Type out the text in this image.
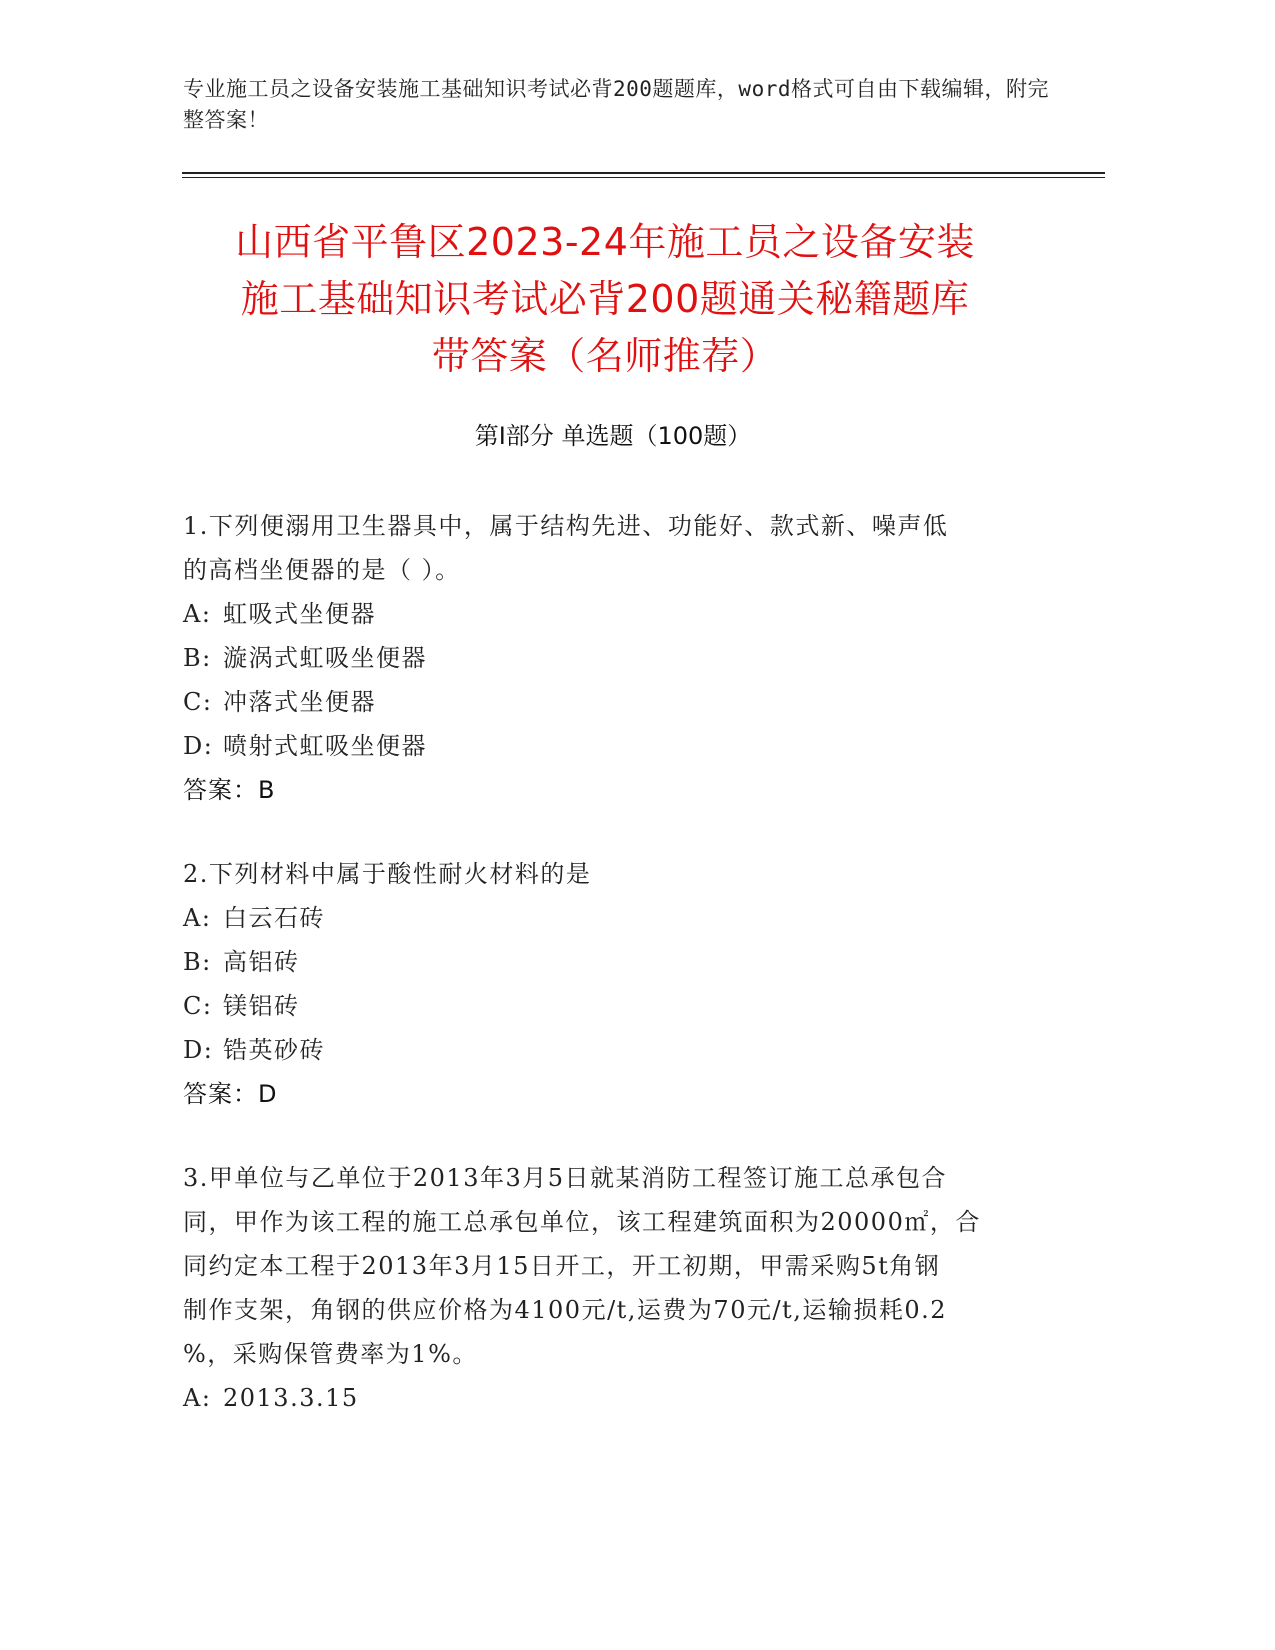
专业施工员之设备安装施工基础知识考试必背200题题库，word格式可自由下载编辑，附完整答案！
山西省平鲁区2023-24年施工员之设备安装
施工基础知识考试必背200题通关秘籍题库
带答案（名师推荐）
第I部分 单选题（100题）
1.下列便溺用卫生器具中，属于结构先进、功能好、款式新、噪声低
的高档坐便器的是（ ）。
A: 虹吸式坐便器
B: 漩涡式虹吸坐便器
C: 冲落式坐便器
D: 喷射式虹吸坐便器
答案：B
2.下列材料中属于酸性耐火材料的是
A: 白云石砖
B: 高铝砖
C: 镁铝砖
D: 锆英砂砖
答案：D
3.甲单位与乙单位于2013年3月5日就某消防工程签订施工总承包合
同，甲作为该工程的施工总承包单位，该工程建筑面积为20000㎡，合
同约定本工程于2013年3月15日开工，开工初期，甲需采购5t角钢
制作支架，角钢的供应价格为4100元/t,运费为70元/t,运输损耗0.2
%，采购保管费率为1%。
A: 2013.3.15
